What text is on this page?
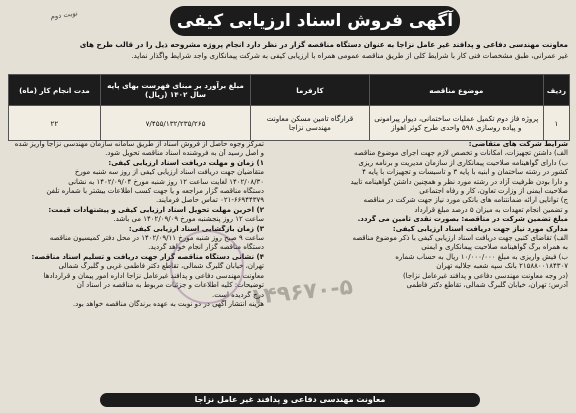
نوبت دوم	آگهی فروش اسناد ارزیابی کیفی
معاونت مهندسی دفاعی و پدافند غیر عامل نزاجا به عنوان دستگاه مناقصه گزار در نظر دارد انجام پروژه مشروحه ذیل را در قالب طرح های
غیر عمرانی، طبق مشخصات فنی کار با شرایط کلی از طریق مناقصه عمومی همراه با ارزیابی کیفی به شرکت پیمانکاری واجد شرایط واگذار نماید.
ردیف	موضوع مناقصه	کارفرما	مبلغ برآورد بر مبنای فهرست بهای پایه سال ۱۴۰۲ (ریال)	مدت انجام کار (ماه)
۱	پروژه فاز دوم تکمیل عملیات ساختمانی، دیوار پیرامونی و پیاده روسازی ۵۹۸ واحدی طرح کوثر اهواز	قرارگاه تامین مسکن معاونت مهندسی نزاجا	۷/۴۵۵/۱۳۲/۲۳۵/۲۶۵	۲۲
شرایط شرکت های متقاضی:
الف) داشتن تجهیزات، امکانات و تخصص لازم جهت اجرای موضوع مناقصه
ب) دارای گواهینامه صلاحیت پیمانکاری از سازمان مدیریت و برنامه ریزی
کشور در رشته ساختمان و ابنیه با پایه ۳ و تاسیسات و تجهیزات با پایه ۴
و دارا بودن ظرفیت آزاد در رشته مورد نظر و همچنین داشتن گواهینامه تایید
صلاحیت ایمنی از وزارت تعاون، کار و رفاه اجتماعی
ج) توانایی ارائه ضمانتنامه های بانکی مورد نیاز جهت شرکت در مناقصه
و تضمین انجام تعهدات به میزان ۵ درصد مبلغ قرارداد
مبلغ تضمین شرکت در مناقصه: بصورت نقدی تامین می گردد.
مدارک مورد نیاز جهت دریافت اسناد ارزیابی کیفی:
الف) تقاضای کتبی جهت دریافت اسناد ارزیابی کیفی با ذکر موضوع مناقصه
به همراه برگ گواهینامه صلاحیت پیمانکاری و ایمنی
ب) فیش واریزی به مبلغ ۱۰/۰۰۰/۰۰۰ ریال به حساب شماره
۲۱۵۸۸۰۰۱۸۴۳۰۷ بانک سپه شعبه جلالیه تهران
(در وجه معاونت مهندسی دفاعی و پدافند غیرعامل نزاجا)
آدرس: تهران، خیابان گلبرگ شمالی، تقاطع دکتر فاطمی
تمرکز وجوه حاصل از فروش اسناد از طریق سامانه سازمان مهندسی نزاجا واریز شده
و اصل رسید آن به فروشنده اسناد مناقصه تحویل شود.
۱) زمان و مهلت دریافت اسناد ارزیابی کیفی:
متقاضیان جهت دریافت اسناد ارزیابی کیفی از روز سه شنبه مورخ
۱۴۰۲/۰۸/۳۰ لغایت ساعت ۱۲ روز شنبه مورخ ۱۴۰۲/۰۹/۰۴ به نشانی
دستگاه مناقصه گزار مراجعه و یا جهت کسب اطلاعات بیشتر با شماره تلفن
۰۲۱-۶۶۹۴۴۳۷۹ تماس حاصل فرمایند.
۲) آخرین مهلت تحویل اسناد ارزیابی کیفی و پیشنهادات قیمت:
ساعت ۱۲ روز پنجشنبه مورخ ۱۴۰۲/۰۹/۰۹ می باشد.
۳) زمان بازگشایی اسناد ارزیابی کیفی:
ساعت ۹ صبح روز شنبه مورخ ۱۴۰۲/۰۹/۱۱ در محل دفتر کمیسیون مناقصه
دستگاه مناقصه گزار انجام خواهد گردید.
۴) نشانی دستگاه مناقصه گزار جهت دریافت و تسلیم اسناد مناقصه:
تهران، خیابان گلبرگ شمالی، تقاطع دکتر فاطمی غربی و گلبرگ شمالی
معاونت مهندسی دفاعی و پدافند غیرعامل نزاجا اداره امور پیمان و قراردادها
توضیحات: کلیه اطلاعات و جزئیات مربوط به مناقصه در اسناد آن
درج گردیده است.
هزینه انتشار آگهی در دو نوبت به عهده برندگان مناقصه خواهد بود.
۱۴۹۶۷۰-۵
معاونت مهندسی دفاعی و پدافند غیر عامل نزاجا
